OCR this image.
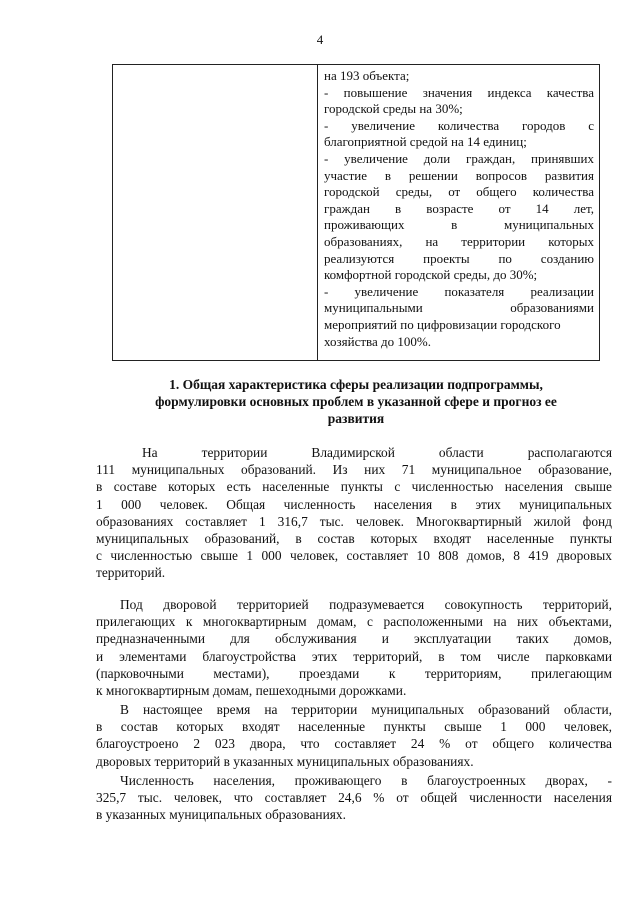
4
на 193 объекта;
- повышение значения индекса качества
городской среды на 30%;
- увеличение количества городов с
благоприятной средой на 14 единиц;
- увеличение доли граждан, принявших
участие в решении вопросов развития
городской среды, от общего количества
граждан в возрасте от 14 лет,
проживающих в муниципальных
образованиях, на территории которых
реализуются проекты по созданию
комфортной городской среды, до 30%;
- увеличение показателя реализации
муниципальными образованиями
мероприятий по цифровизации городского
хозяйства до 100%.
1. Общая характеристика сферы реализации подпрограммы,
формулировки основных проблем в указанной сфере и прогноз ее
развития
На территории Владимирской области располагаются
111 муниципальных образований. Из них 71 муниципальное образование,
в составе которых есть населенные пункты с численностью населения свыше
1 000 человек. Общая численность населения в этих муниципальных
образованиях составляет 1 316,7 тыс. человек. Многоквартирный жилой фонд
муниципальных образований, в состав которых входят населенные пункты
с численностью свыше 1 000 человек, составляет 10 808 домов, 8 419 дворовых
территорий.
Под дворовой территорией подразумевается совокупность территорий,
прилегающих к многоквартирным домам, с расположенными на них объектами,
предназначенными для обслуживания и эксплуатации таких домов,
и элементами благоустройства этих территорий, в том числе парковками
(парковочными местами), проездами к территориям, прилегающим
к многоквартирным домам, пешеходными дорожками.
В настоящее время на территории муниципальных образований области,
в состав которых входят населенные пункты свыше 1 000 человек,
благоустроено 2 023 двора, что составляет 24 % от общего количества
дворовых территорий в указанных муниципальных образованиях.
Численность населения, проживающего в благоустроенных дворах, -
325,7 тыс. человек, что составляет 24,6 % от общей численности населения
в указанных муниципальных образованиях.
